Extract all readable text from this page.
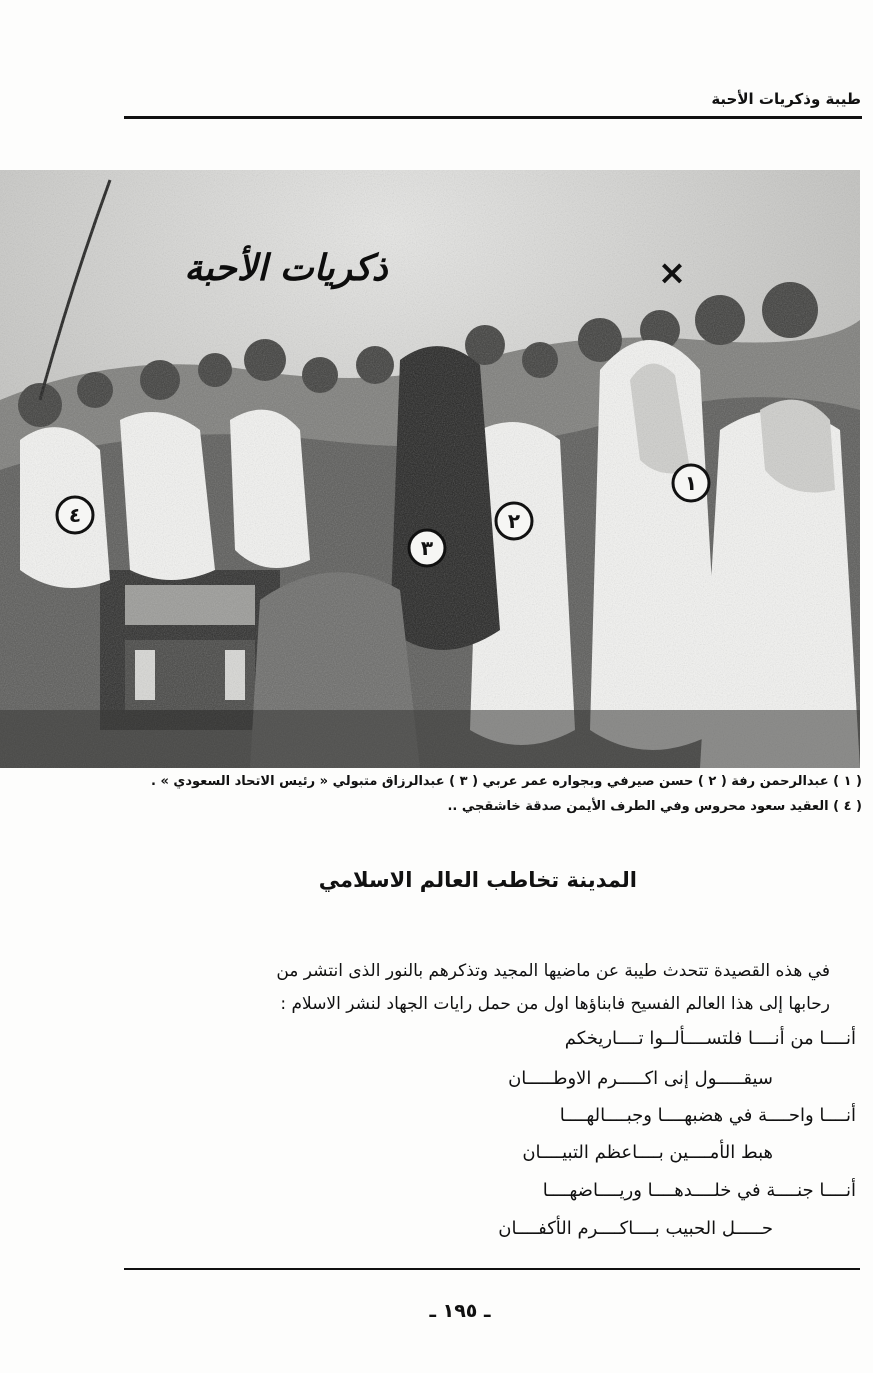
طيبة وذكريات الأحبة
١
٢
٣
٤
×
ذكريات الأحبة
( ١ ) عبدالرحمن رفة ( ٢ ) حسن صيرفي وبجواره عمر عربي ( ٣ ) عبدالرزاق متبولي « رئيس الاتحاد السعودي » .
( ٤ ) العقيد سعود محروس وفي الطرف الأيمن صدقة خاشقجي ..
المدينة تخاطب العالم الاسلامي

في هذه القصيدة تتحدث طيبة عن ماضيها المجيد وتذكرهم بالنور الذى انتشر من

رحابها إلى هذا العالم الفسيح فابناؤها اول من حمل رايات الجهاد لنشر الاسلام :

أنــــا من أنــــا فلتســــألــوا تــــاريخكم
سيقـــــول إنى اكـــــرم الاوطـــــان
أنــــا واحــــة في هضبهــــا وجبــــالهــــا
هبط الأمــــين بــــاعظم التبيــــان
أنــــا جنــــة في خلــــدهــــا وريــــاضهــــا
حـــــل الحبيب بــــاكــــرم الأكفــــان
ـ ١٩٥ ـ
